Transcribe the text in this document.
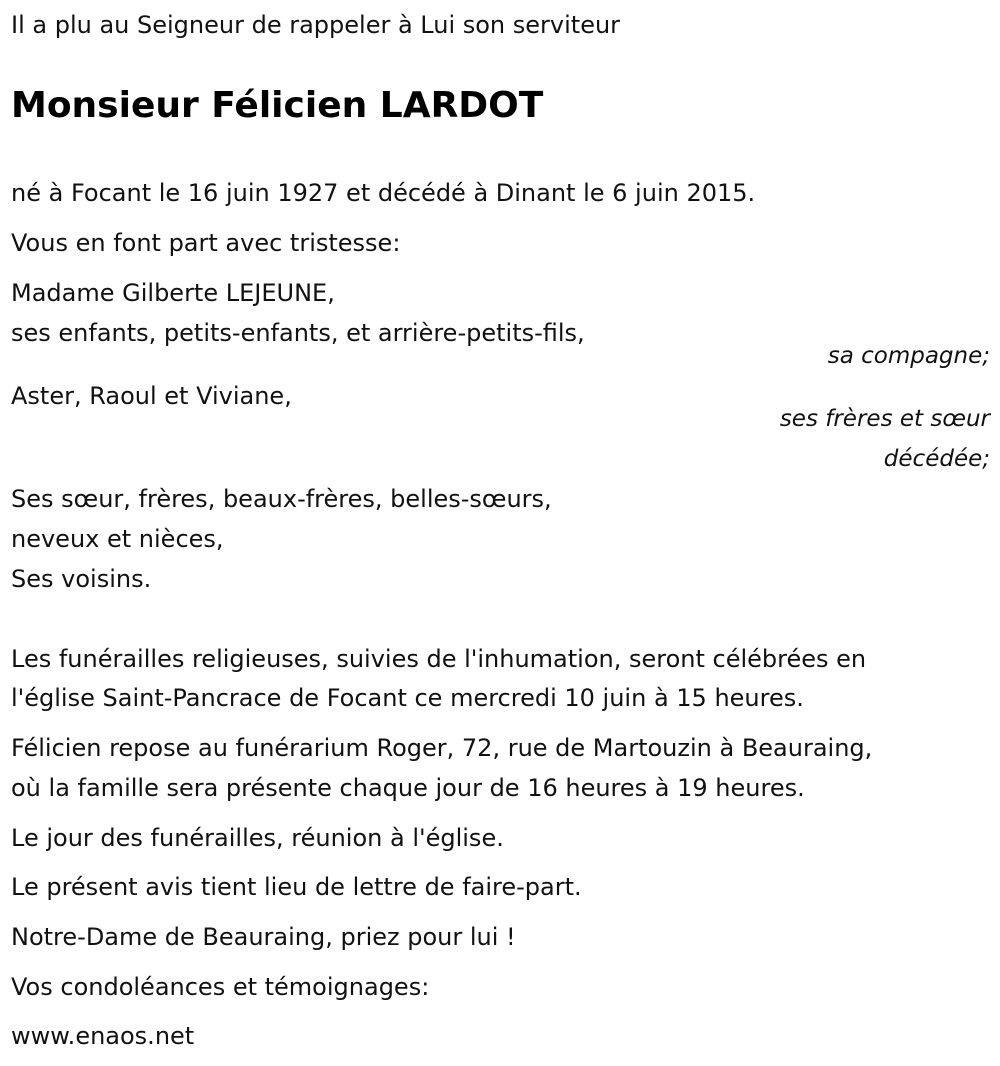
Il a plu au Seigneur de rappeler à Lui son serviteur
Monsieur Félicien LARDOT
né à Focant le 16 juin 1927 et décédé à Dinant le 6 juin 2015.
Vous en font part avec tristesse:
Madame Gilberte LEJEUNE,
ses enfants, petits-enfants, et arrière-petits-fils,
sa compagne;
Aster, Raoul et Viviane,
ses frères et sœur
décédée;
Ses sœur, frères, beaux-frères, belles-sœurs,
neveux et nièces,
Ses voisins.
Les funérailles religieuses, suivies de l'inhumation, seront célébrées en
l'église Saint-Pancrace de Focant ce mercredi 10 juin à 15 heures.
Félicien repose au funérarium Roger, 72, rue de Martouzin à Beauraing,
où la famille sera présente chaque jour de 16 heures à 19 heures.
Le jour des funérailles, réunion à l'église.
Le présent avis tient lieu de lettre de faire-part.
Notre-Dame de Beauraing, priez pour lui !
Vos condoléances et témoignages:
www.enaos.net
